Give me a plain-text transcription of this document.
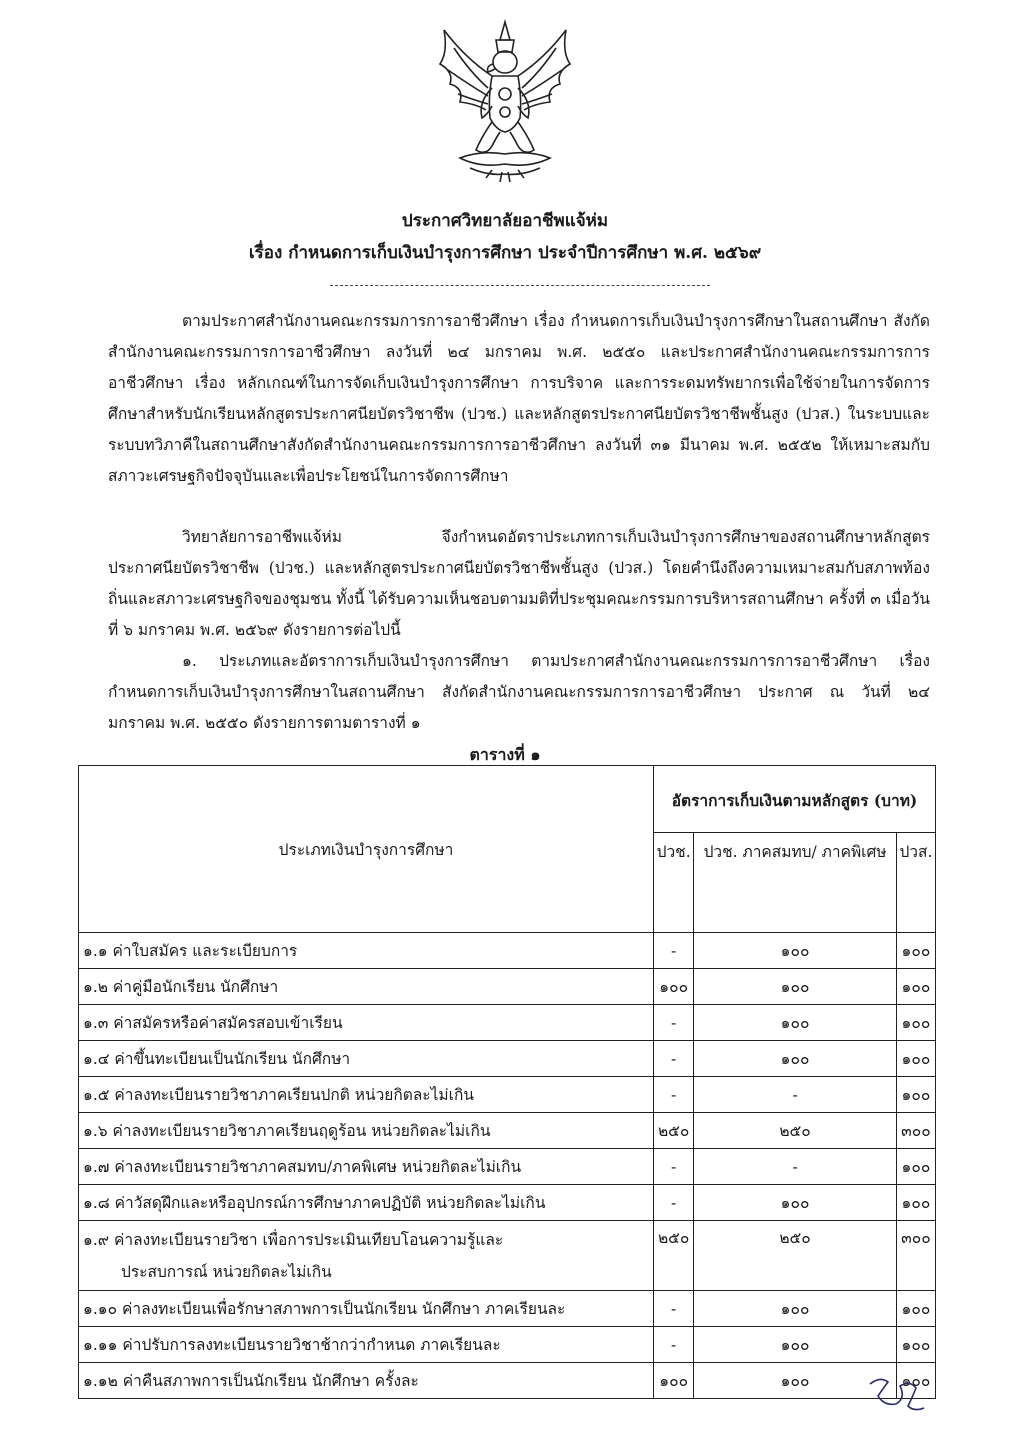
ประกาศวิทยาลัยอาชีพแจ้ห่ม
เรื่อง กำหนดการเก็บเงินบำรุงการศึกษา ประจำปีการศึกษา พ.ศ. ๒๕๖๙
ตามประกาศสำนักงานคณะกรรมการการอาชีวศึกษา เรื่อง กำหนดการเก็บเงินบำรุงการศึกษาในสถานศึกษา สังกัดสำนักงานคณะกรรมการการอาชีวศึกษา ลงวันที่ ๒๔ มกราคม พ.ศ. ๒๕๕๐ และประกาศสำนักงานคณะกรรมการการอาชีวศึกษา เรื่อง หลักเกณฑ์ในการจัดเก็บเงินบำรุงการศึกษา การบริจาค และการระดมทรัพยากรเพื่อใช้จ่ายในการจัดการศึกษาสำหรับนักเรียนหลักสูตรประกาศนียบัตรวิชาชีพ (ปวช.) และหลักสูตรประกาศนียบัตรวิชาชีพชั้นสูง (ปวส.) ในระบบและระบบทวิภาคีในสถานศึกษาสังกัดสำนักงานคณะกรรมการการอาชีวศึกษา ลงวันที่ ๓๑ มีนาคม พ.ศ. ๒๕๕๒ ให้เหมาะสมกับสภาวะเศรษฐกิจปัจจุบันและเพื่อประโยชน์ในการจัดการศึกษา
วิทยาลัยการอาชีพแจ้ห่ม จึงกำหนดอัตราประเภทการเก็บเงินบำรุงการศึกษาของสถานศึกษาหลักสูตรประกาศนียบัตรวิชาชีพ (ปวช.) และหลักสูตรประกาศนียบัตรวิชาชีพชั้นสูง (ปวส.) โดยคำนึงถึงความเหมาะสมกับสภาพท้องถิ่นและสภาวะเศรษฐกิจของชุมชน ทั้งนี้ ได้รับความเห็นชอบตามมติที่ประชุมคณะกรรมการบริหารสถานศึกษา ครั้งที่ ๓ เมื่อวันที่ ๖ มกราคม พ.ศ. ๒๕๖๙ ดังรายการต่อไปนี้
๑. ประเภทและอัตราการเก็บเงินบำรุงการศึกษา ตามประกาศสำนักงานคณะกรรมการการอาชีวศึกษา เรื่อง กำหนดการเก็บเงินบำรุงการศึกษาในสถานศึกษา สังกัดสำนักงานคณะกรรมการการอาชีวศึกษา ประกาศ ณ วันที่ ๒๔ มกราคม พ.ศ. ๒๕๕๐ ดังรายการตามตารางที่ ๑
ตารางที่ ๑
ประเภทเงินบำรุงการศึกษา	อัตราการเก็บเงินตามหลักสูตร (บาท)		
	ปวช.	ปวช. ภาคสมทบ/ ภาคพิเศษ	ปวส.
๑.๑ ค่าใบสมัคร และระเบียบการ	-	๑๐๐	๑๐๐
๑.๒ ค่าคู่มือนักเรียน นักศึกษา	๑๐๐	๑๐๐	๑๐๐
๑.๓ ค่าสมัครหรือค่าสมัครสอบเข้าเรียน	-	๑๐๐	๑๐๐
๑.๔ ค่าขึ้นทะเบียนเป็นนักเรียน นักศึกษา	-	๑๐๐	๑๐๐
๑.๕ ค่าลงทะเบียนรายวิชาภาคเรียนปกติ หน่วยกิตละไม่เกิน	-	-	๑๐๐
๑.๖ ค่าลงทะเบียนรายวิชาภาคเรียนฤดูร้อน หน่วยกิตละไม่เกิน	๒๕๐	๒๕๐	๓๐๐
๑.๗ ค่าลงทะเบียนรายวิชาภาคสมทบ/ภาคพิเศษ หน่วยกิตละไม่เกิน	-	-	๑๐๐
๑.๘ ค่าวัสดุฝึกและหรืออุปกรณ์การศึกษาภาคปฏิบัติ หน่วยกิตละไม่เกิน	-	๑๐๐	๑๐๐
๑.๙ ค่าลงทะเบียนรายวิชา เพื่อการประเมินเทียบโอนความรู้และ
ประสบการณ์ หน่วยกิตละไม่เกิน	๒๕๐	๒๕๐	๓๐๐
๑.๑๐ ค่าลงทะเบียนเพื่อรักษาสภาพการเป็นนักเรียน นักศึกษา ภาคเรียนละ	-	๑๐๐	๑๐๐
๑.๑๑ ค่าปรับการลงทะเบียนรายวิชาช้ากว่ากำหนด ภาคเรียนละ	-	๑๐๐	๑๐๐
๑.๑๒ ค่าคืนสภาพการเป็นนักเรียน นักศึกษา ครั้งละ	๑๐๐	๑๐๐	๑๐๐
